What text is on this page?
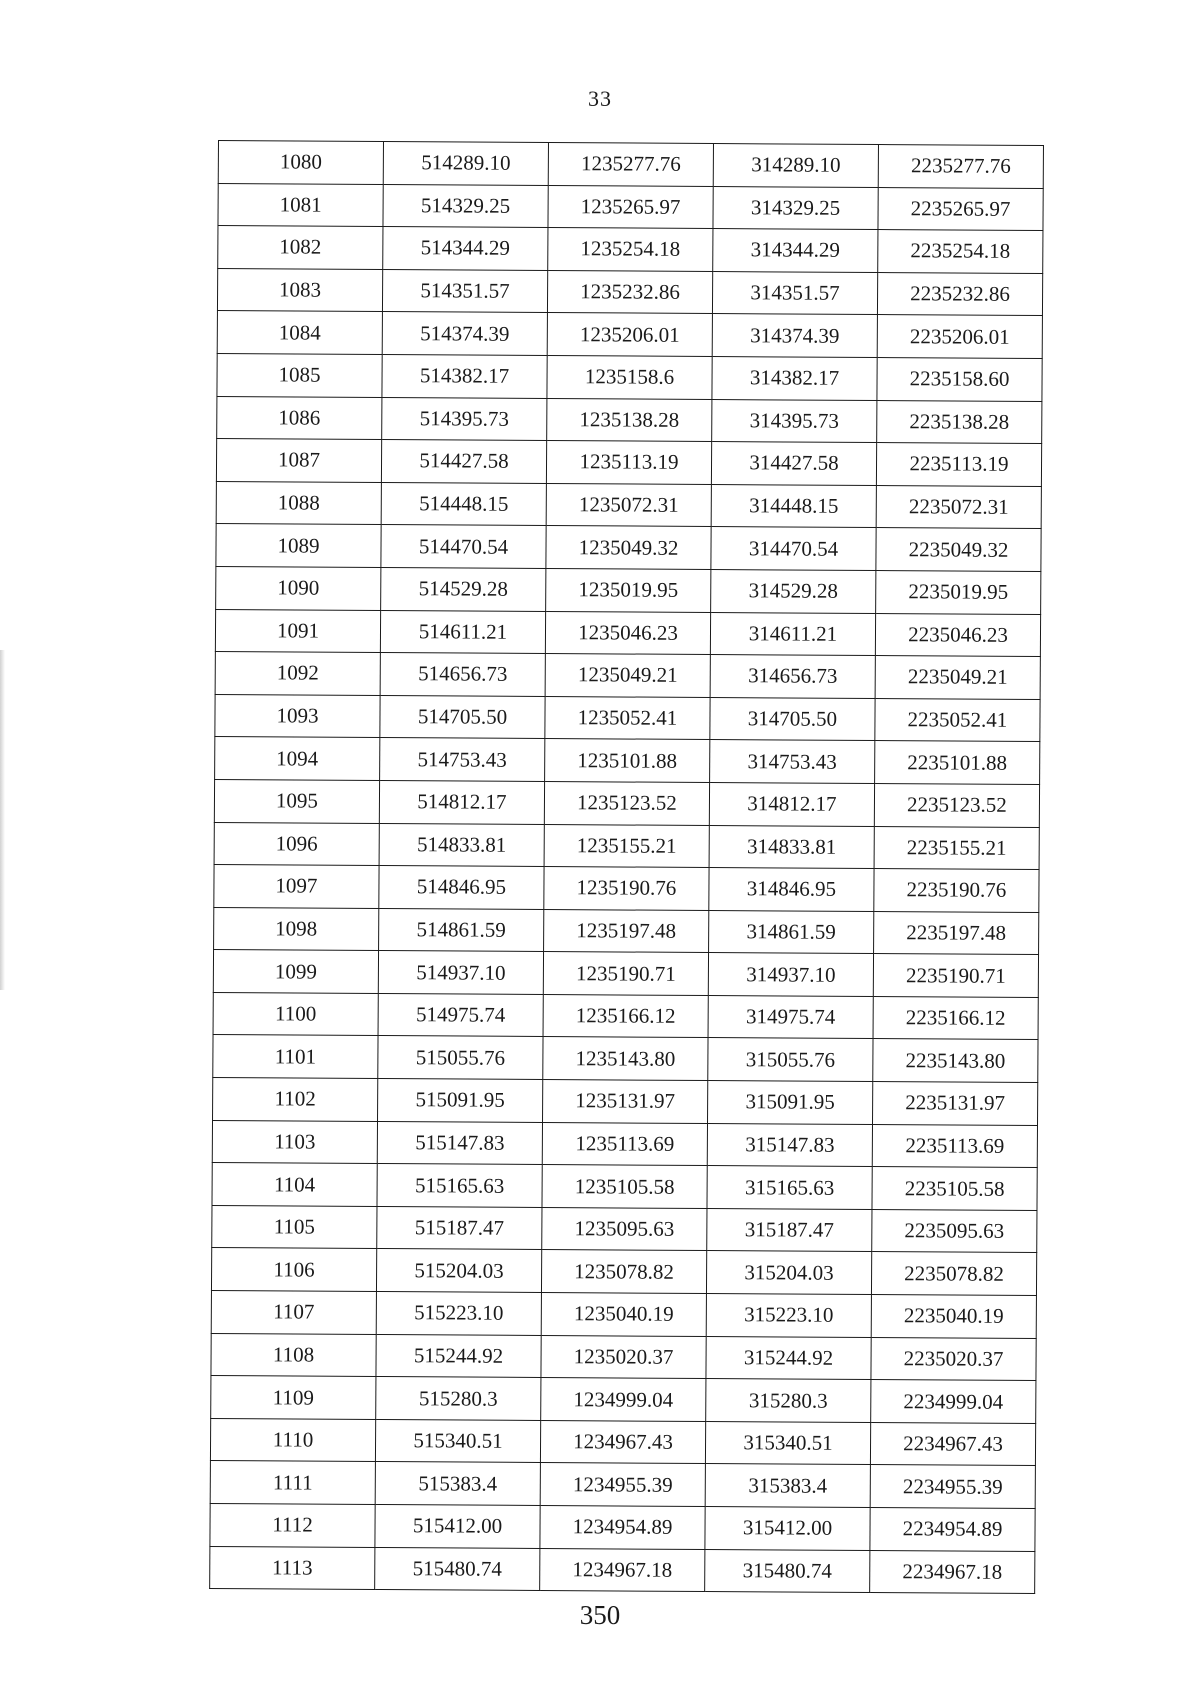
33
1080	514289.10	1235277.76	314289.10	2235277.76
1081	514329.25	1235265.97	314329.25	2235265.97
1082	514344.29	1235254.18	314344.29	2235254.18
1083	514351.57	1235232.86	314351.57	2235232.86
1084	514374.39	1235206.01	314374.39	2235206.01
1085	514382.17	1235158.6	314382.17	2235158.60
1086	514395.73	1235138.28	314395.73	2235138.28
1087	514427.58	1235113.19	314427.58	2235113.19
1088	514448.15	1235072.31	314448.15	2235072.31
1089	514470.54	1235049.32	314470.54	2235049.32
1090	514529.28	1235019.95	314529.28	2235019.95
1091	514611.21	1235046.23	314611.21	2235046.23
1092	514656.73	1235049.21	314656.73	2235049.21
1093	514705.50	1235052.41	314705.50	2235052.41
1094	514753.43	1235101.88	314753.43	2235101.88
1095	514812.17	1235123.52	314812.17	2235123.52
1096	514833.81	1235155.21	314833.81	2235155.21
1097	514846.95	1235190.76	314846.95	2235190.76
1098	514861.59	1235197.48	314861.59	2235197.48
1099	514937.10	1235190.71	314937.10	2235190.71
1100	514975.74	1235166.12	314975.74	2235166.12
1101	515055.76	1235143.80	315055.76	2235143.80
1102	515091.95	1235131.97	315091.95	2235131.97
1103	515147.83	1235113.69	315147.83	2235113.69
1104	515165.63	1235105.58	315165.63	2235105.58
1105	515187.47	1235095.63	315187.47	2235095.63
1106	515204.03	1235078.82	315204.03	2235078.82
1107	515223.10	1235040.19	315223.10	2235040.19
1108	515244.92	1235020.37	315244.92	2235020.37
1109	515280.3	1234999.04	315280.3	2234999.04
1110	515340.51	1234967.43	315340.51	2234967.43
1111	515383.4	1234955.39	315383.4	2234955.39
1112	515412.00	1234954.89	315412.00	2234954.89
1113	515480.74	1234967.18	315480.74	2234967.18
350
